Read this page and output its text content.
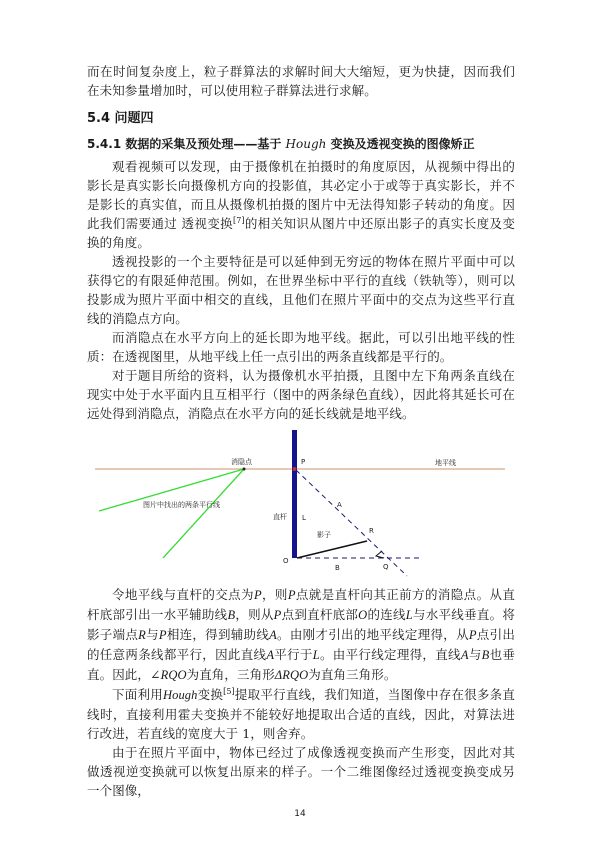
而在时间复杂度上，粒子群算法的求解时间大大缩短，更为快捷，因而我们在未知参量增加时，可以使用粒子群算法进行求解。

5.4 问题四
5.4.1 数据的采集及预处理——基于 Hough 变换及透视变换的图像矫正

观看视频可以发现，由于摄像机在拍摄时的角度原因，从视频中得出的影长是真实影长向摄像机方向的投影值，其必定小于或等于真实影长，并不是影长的真实值，而且从摄像机拍摄的图片中无法得知影子转动的角度。因此我们需要通过 透视变换[7]的相关知识从图片中还原出影子的真实长度及变换的角度。

透视投影的一个主要特征是可以延伸到无穷远的物体在照片平面中可以获得它的有限延伸范围。例如，在世界坐标中平行的直线（铁轨等），则可以投影成为照片平面中相交的直线，且他们在照片平面中的交点为这些平行直线的消隐点方向。

而消隐点在水平方向上的延长即为地平线。据此，可以引出地平线的性质：在透视图里，从地平线上任一点引出的两条直线都是平行的。

对于题目所给的资料，认为摄像机水平拍摄，且图中左下角两条直线在现实中处于水平面内且互相平行（图中的两条绿色直线），因此将其延长可在远处得到消隐点，消隐点在水平方向的延长线就是地平线。

消隐点	P	地平线
图片中找出的两条平行线
直杆 L
A
R
影子
O
B	Q

令地平线与直杆的交点为P，则P点就是直杆向其正前方的消隐点。从直杆底部引出一水平辅助线B，则从P点到直杆底部O的连线L与水平线垂直。将影子端点R与P相连，得到辅助线A。由刚才引出的地平线定理得，从P点引出的任意两条线都平行，因此直线A平行于L。由平行线定理得，直线A与B也垂直。因此，∠RQO为直角，三角形ΔRQO为直角三角形。

下面利用Hough变换[5]提取平行直线，我们知道，当图像中存在很多条直线时，直接利用霍夫变换并不能较好地提取出合适的直线，因此，对算法进行改进，若直线的宽度大于 1，则舍弃。

由于在照片平面中，物体已经过了成像透视变换而产生形变，因此对其做透视逆变换就可以恢复出原来的样子。一个二维图像经过透视变换变成另一个图像，

14
